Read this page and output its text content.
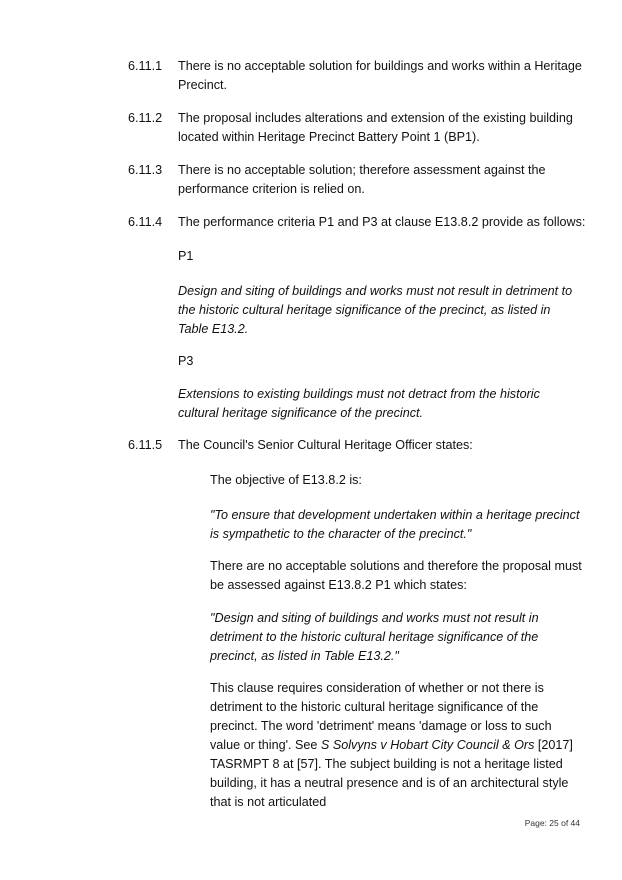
6.11.1 There is no acceptable solution for buildings and works within a Heritage Precinct.
6.11.2 The proposal includes alterations and extension of the existing building located within Heritage Precinct Battery Point 1 (BP1).
6.11.3 There is no acceptable solution; therefore assessment against the performance criterion is relied on.
6.11.4 The performance criteria P1 and P3 at clause E13.8.2 provide as follows:
P1
Design and siting of buildings and works must not result in detriment to the historic cultural heritage significance of the precinct, as listed in Table E13.2.
P3
Extensions to existing buildings must not detract from the historic cultural heritage significance of the precinct.
6.11.5 The Council's Senior Cultural Heritage Officer states:
The objective of E13.8.2 is:
"To ensure that development undertaken within a heritage precinct is sympathetic to the character of the precinct."
There are no acceptable solutions and therefore the proposal must be assessed against E13.8.2 P1 which states:
"Design and siting of buildings and works must not result in detriment to the historic cultural heritage significance of the precinct, as listed in Table E13.2."
This clause requires consideration of whether or not there is detriment to the historic cultural heritage significance of the precinct. The word 'detriment' means 'damage or loss to such value or thing'. See S Solvyns v Hobart City Council & Ors [2017] TASRMPT 8 at [57]. The subject building is not a heritage listed building, it has a neutral presence and is of an architectural style that is not articulated
Page: 25 of 44
